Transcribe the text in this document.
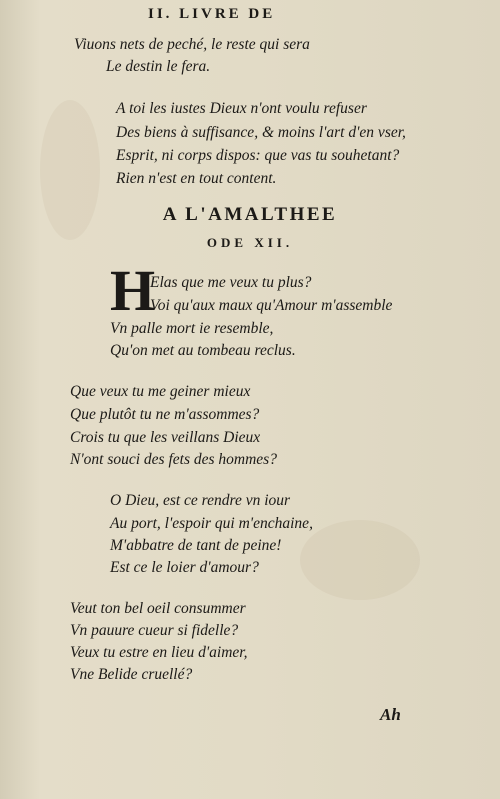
II. LIVRE DE
Viuons nets de peché, le reste qui sera
Le destin le fera.
A toi les iustes Dieux n'ont voulu refuser
Des biens à suffisance, & moins l'art d'en vser,
Esprit, ni corps dispos: que vas tu souhetant?
Rien n'est en tout content.
A L'AMALTHEE
ODE XII.
H
Elas que me veux tu plus?
Voi qu'aux maux qu'Amour m'assemble
Vn palle mort ie resemble,
Qu'on met au tombeau reclus.
Que veux tu me geiner mieux
Que plutôt tu ne m'assommes?
Crois tu que les veillans Dieux
N'ont souci des fets des hommes?
O Dieu, est ce rendre vn iour
Au port, l'espoir qui m'enchaine,
M'abbatre de tant de peine!
Est ce le loier d'amour?
Veut ton bel oeil consummer
Vn pauure cueur si fidelle?
Veux tu estre en lieu d'aimer,
Vne Belide cruellé?
Ah
